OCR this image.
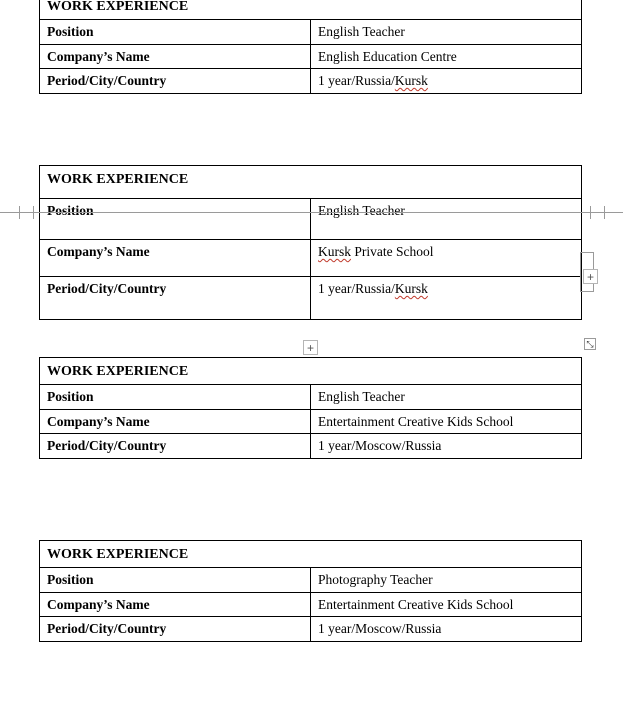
WORK EXPERIENCE	
Position	English Teacher
Company’s Name	English Education Centre
Period/City/Country	1 year/Russia/Kursk
WORK EXPERIENCE	
Position	English Teacher
Company’s Name	Kursk Private School
Period/City/Country	1 year/Russia/Kursk
WORK EXPERIENCE	
Position	English Teacher
Company’s Name	Entertainment Creative Kids School
Period/City/Country	1 year/Moscow/Russia
WORK EXPERIENCE	
Position	Photography Teacher
Company’s Name	Entertainment Creative Kids School
Period/City/Country	1 year/Moscow/Russia
+
+	⤡
